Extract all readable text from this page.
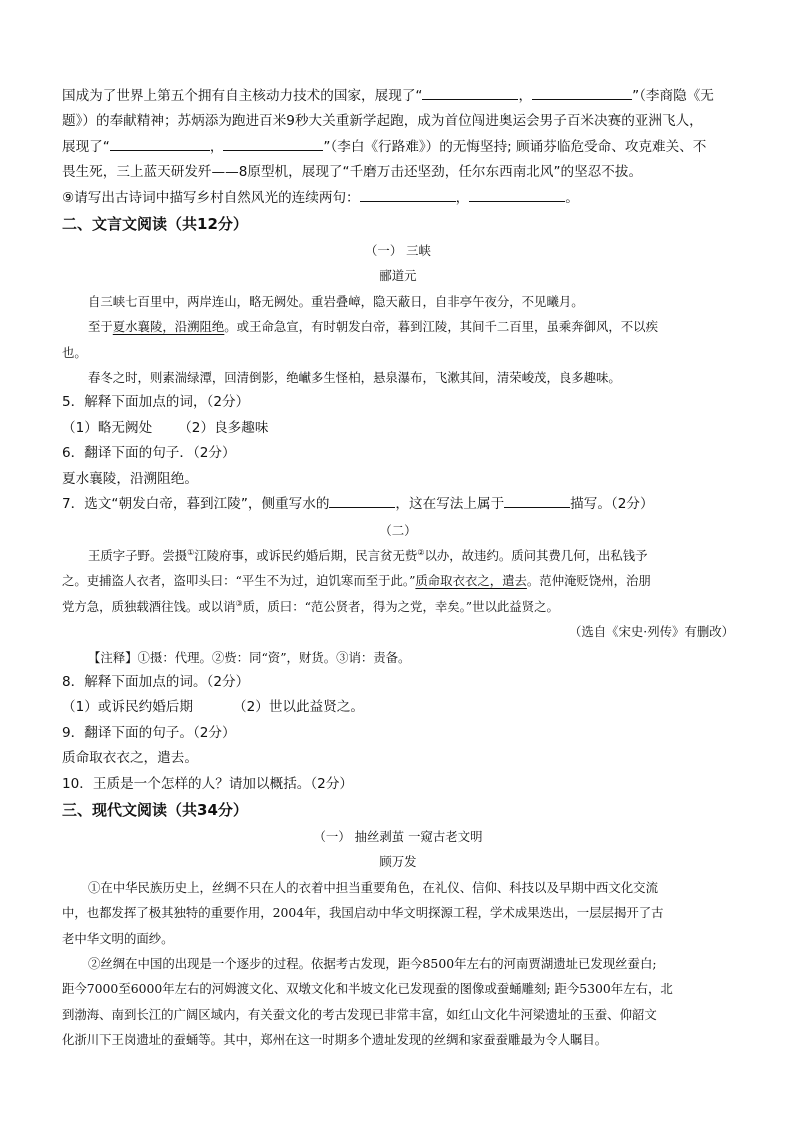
国成为了世界上第五个拥有自主核动力技术的国家，展现了“	，	”（李商隐《无
题》）的奉献精神；苏炳添为跑进百米9秒大关重新学起跑，成为首位闯进奥运会男子百米决赛的亚洲飞人，
展现了“	，	”（李白《行路难》）的无悔坚持; 顾诵芬临危受命、攻克难关、不
畏生死，三上蓝天研发歼——8原型机，展现了“千磨万击还坚劲，任尔东西南北风”的坚忍不拔。
⑨请写出古诗词中描写乡村自然风光的连续两句：	，	。
二、文言文阅读（共12分）
（一） 三峡
郦道元
自三峡七百里中，两岸连山，略无阙处。重岩叠嶂，隐天蔽日，自非亭午夜分，不见曦月。
至于夏水襄陵，沿溯阻绝。或王命急宣，有时朝发白帝，暮到江陵，其间千二百里，虽乘奔御风，不以疾
也。
春冬之时，则素湍绿潭，回清倒影，绝𪩘多生怪柏，悬泉瀑布，飞漱其间，清荣峻茂，良多趣味。
5．解释下面加点的词，（2分）
（1）略无阙处 （2）良多趣味
6．翻译下面的句子．（2分）
夏水襄陵，沿溯阻绝。
7．选文“朝发白帝，暮到江陵”，侧重写水的	，这在写法上属于	描写。（2分）
（二）
王质字子野。尝摄①江陵府事，或诉民约婚后期，民言贫无赀②以办，故违约。质问其费几何，出私钱予
之。吏捕盗人衣者，盗叩头曰：“平生不为过，迫饥寒而至于此。”质命取衣衣之，遣去。范仲淹贬饶州，治朋
党方急，质独载酒往饯。或以诮③质，质曰：“范公贤者，得为之党，幸矣。”世以此益贤之。
（选自《宋史·列传》有删改）
【注释】①摄：代理。②赀：同“资”，财货。③诮：责备。
8．解释下面加点的词。（2分）
（1）或诉民约婚后期	（2）世以此益贤之。
9．翻译下面的句子。（2分）
质命取衣衣之，遣去。
10．王质是一个怎样的人？请加以概括。（2分）
三、现代文阅读（共34分）
（一） 抽丝剥茧 一窥古老文明
顾万发
①在中华民族历史上，丝绸不只在人的衣着中担当重要角色，在礼仪、信仰、科技以及早期中西文化交流
中，也都发挥了极其独特的重要作用，2004年，我国启动中华文明探源工程，学术成果迭出，一层层揭开了古
老中华文明的面纱。
②丝绸在中国的出现是一个逐步的过程。依据考古发现，距今8500年左右的河南贾湖遗址已发现丝蚕白;
距今7000至6000年左右的河姆渡文化、双墩文化和半坡文化已发现蚕的图像或蚕蛹雕刻; 距今5300年左右，北
到渤海、南到长江的广阔区域内，有关蚕文化的考古发现已非常丰富，如红山文化牛河梁遗址的玉蚕、仰韶文
化浙川下王岗遗址的蚕蛹等。其中，郑州在这一时期多个遗址发现的丝绸和家蚕蚕雕最为令人瞩目。
